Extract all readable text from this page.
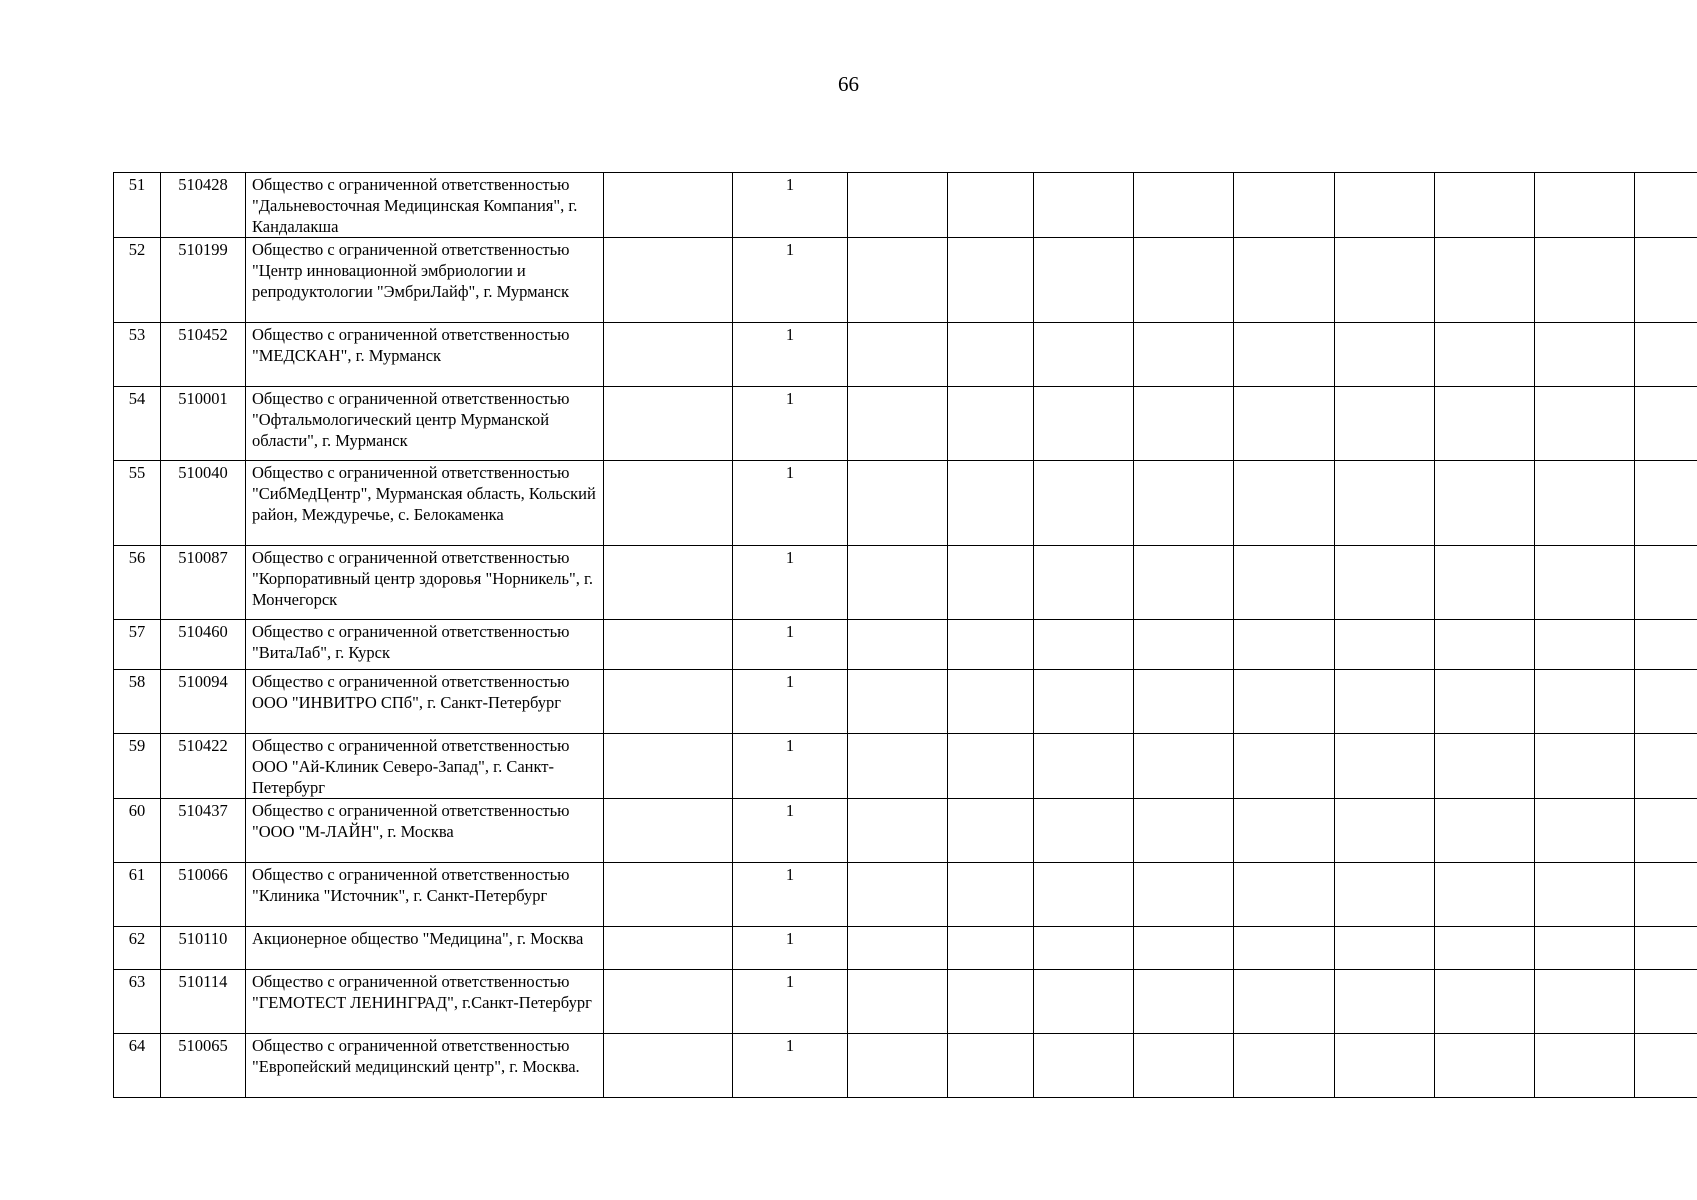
66
51	510428	Общество с ограниченной ответственностью "Дальневосточная Медицинская Компания", г. Кандалакша		1									
52	510199	Общество с ограниченной ответственностью "Центр инновационной эмбриологии и репродуктологии "ЭмбриЛайф", г. Мурманск		1									
53	510452	Общество с ограниченной ответственностью "МЕДСКАН", г. Мурманск		1									
54	510001	Общество с ограниченной ответственностью "Офтальмологический центр Мурманской области", г. Мурманск		1									
55	510040	Общество с ограниченной ответственностью "СибМедЦентр", Мурманская область, Кольский район, Междуречье, с. Белокаменка		1									
56	510087	Общество с ограниченной ответственностью "Корпоративный центр здоровья "Норникель", г. Мончегорск		1									
57	510460	Общество с ограниченной ответственностью "ВитаЛаб", г. Курск		1									
58	510094	Общество с ограниченной ответственностью ООО "ИНВИТРО СПб", г. Санкт-Петербург		1									
59	510422	Общество с ограниченной ответственностью ООО "Ай-Клиник Северо-Запад", г. Санкт-Петербург		1									
60	510437	Общество с ограниченной ответственностью "ООО "М-ЛАЙН", г. Москва		1									
61	510066	Общество с ограниченной ответственностью "Клиника "Источник", г. Санкт-Петербург		1									
62	510110	Акционерное общество "Медицина", г. Москва		1									
63	510114	Общество с ограниченной ответственностью "ГЕМОТЕСТ ЛЕНИНГРАД", г.Санкт-Петербург		1									
64	510065	Общество с ограниченной ответственностью "Европейский медицинский центр", г. Москва.		1									
